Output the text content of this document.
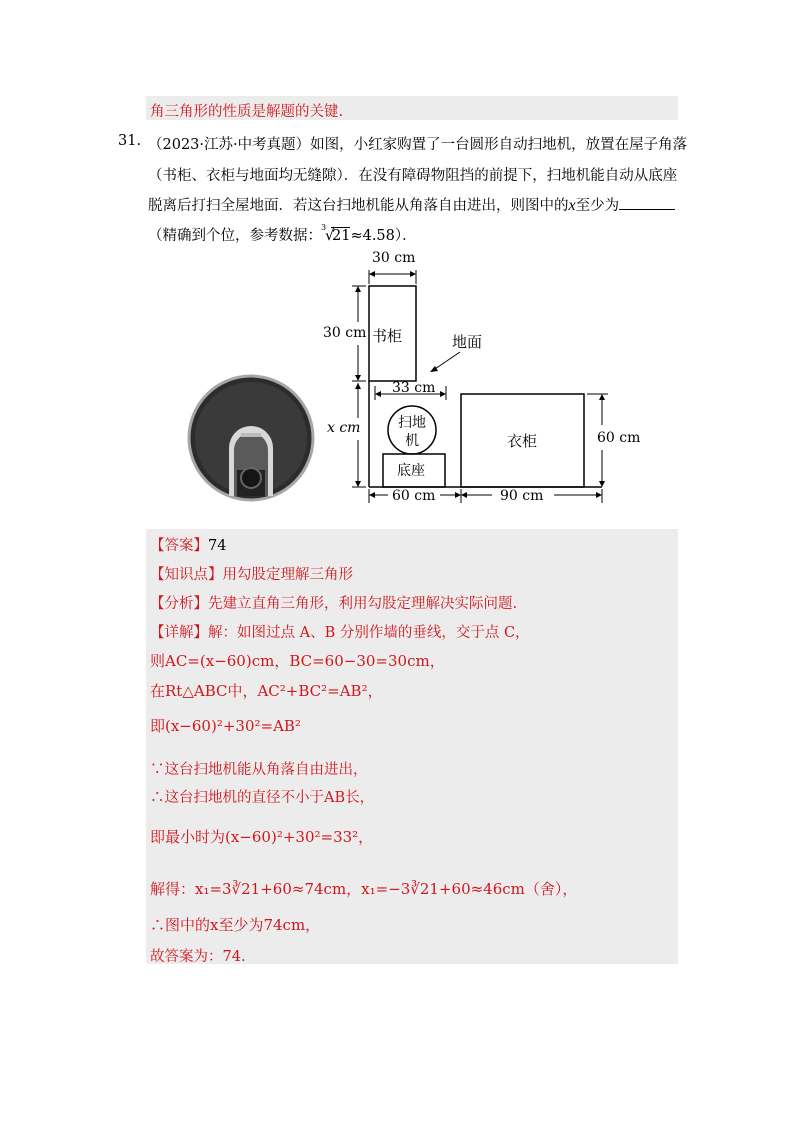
角三角形的性质是解题的关键.
31. （2023·江苏·中考真题）如图，小红家购置了一台圆形自动扫地机，放置在屋子角落
（书柜、衣柜与地面均无缝隙）．在没有障碍物阻挡的前提下，扫地机能自动从底座
脱离后打扫全屋地面．若这台扫地机能从角落自由进出，则图中的x至少为
（精确到个位，参考数据：
3
√
21≈4.58）．
30 cm
30 cm 书柜	地面
33 cm
x cm	扫地
机
底座
衣柜	60 cm
60 cm	90 cm
【答案】74
【知识点】用勾股定理解三角形
【分析】先建立直角三角形，利用勾股定理解决实际问题.
【详解】解：如图过点 A、B 分别作墙的垂线，交于点 C，
则AC=(x−60)cm，BC=60−30=30cm，
在Rt△ABC中，AC²+BC²=AB²，
即(x−60)²+30²=AB²
∵这台扫地机能从角落自由进出，
∴这台扫地机的直径不小于AB长，
即最小时为(x−60)²+30²=33²，
解得：x₁=3∛21+60≈74cm，x₁=−3∛21+60≈46cm（舍），
∴图中的x至少为74cm，
故答案为：74.
